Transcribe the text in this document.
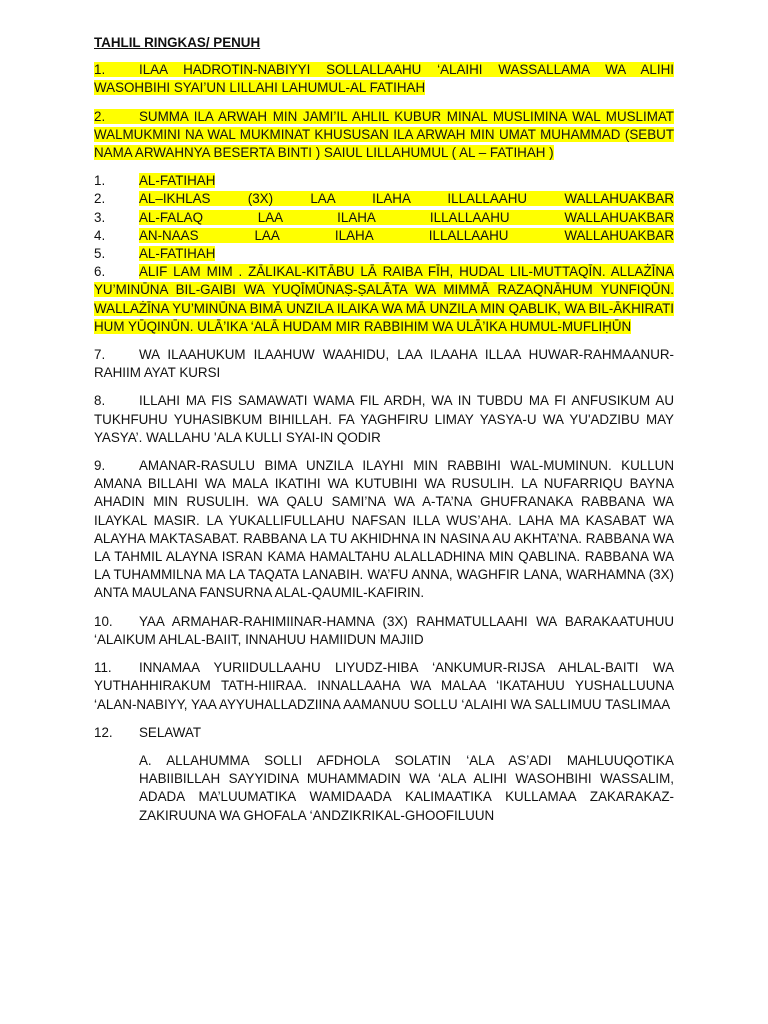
TAHLIL RINGKAS/ PENUH
1.	ILAA HADROTIN-NABIYYI SOLLALLAAHU ‘ALAIHI WASSALLAMA WA ALIHI WASOHBIHI SYAI’UN LILLAHI LAHUMUL-AL FATIHAH
2.	SUMMA ILA ARWAH MIN JAMI’IL AHLIL KUBUR MINAL MUSLIMINA WAL MUSLIMAT WALMUKMINI NA WAL MUKMINAT KHUSUSAN ILA ARWAH MIN UMAT MUHAMMAD (SEBUT NAMA ARWAHNYA BESERTA BINTI ) SAIUL LILLAHUMUL ( AL – FATIHAH )
1.	AL-FATIHAH
2.	AL–IKHLAS (3X) LAA ILAHA ILLALLAAHU WALLAHUAKBAR
3.	AL-FALAQ LAA ILAHA ILLALLAAHU WALLAHUAKBAR
4.	AN-NAAS LAA ILAHA ILLALLAAHU WALLAHUAKBAR
5.	AL-FATIHAH
6.	ALIF LAM MIM . ZĀLIKAL-KITĀBU LĀ RAIBA FĪH, HUDAL LIL-MUTTAQĪN. ALLAŻĪNA YU’MINŪNA BIL-GAIBI WA YUQĪMŪNAṢ-ṢALĀTA WA MIMMĀ RAZAQNĀHUM YUNFIQŪN. WALLAŻĪNA YU’MINŪNA BIMĀ UNZILA ILAIKA WA MĀ UNZILA MIN QABLIK, WA BIL-ĀKHIRATI HUM YŪQINŪN. ULĀ’IKA ‘ALĀ HUDAM MIR RABBIHIM WA ULĀ’IKA HUMUL-MUFLIḤŪN
7.	WA ILAAHUKUM ILAAHUW WAAHIDU, LAA ILAAHA ILLAA HUWAR-RAHMAANUR-RAHIIM AYAT KURSI
8.	ILLAHI MA FIS SAMAWATI WAMA FIL ARDH, WA IN TUBDU MA FI ANFUSIKUM AU TUKHFUHU YUHASIBKUM BIHILLAH. FA YAGHFIRU LIMAY YASYA-U WA YU'ADZIBU MAY YASYA’. WALLAHU 'ALA KULLI SYAI-IN QODIR
9.	AMANAR-RASULU BIMA UNZILA ILAYHI MIN RABBIHI WAL-MUMINUN. KULLUN AMANA BILLAHI WA MALA IKATIHI WA KUTUBIHI WA RUSULIH. LA NUFARRIQU BAYNA AHADIN MIN RUSULIH. WA QALU SAMI’NA WA A-TA’NA GHUFRANAKA RABBANA WA ILAYKAL MASIR. LA YUKALLIFULLAHU NAFSAN ILLA WUS’AHA. LAHA MA KASABAT WA ALAYHA MAKTASABAT. RABBANA LA TU AKHIDHNA IN NASINA AU AKHTA’NA. RABBANA WA LA TAHMIL ALAYNA ISRAN KAMA HAMALTAHU ALALLADHINA MIN QABLINA. RABBANA WA LA TUHAMMILNA MA LA TAQATA LANABIH. WA’FU ANNA, WAGHFIR LANA, WARHAMNA (3X) ANTA MAULANA FANSURNA ALAL-QAUMIL-KAFIRIN.
10. YAA ARMAHAR-RAHIMIINAR-HAMNA (3X) RAHMATULLAAHI WA BARAKAATUHUU ‘ALAIKUM AHLAL-BAIIT, INNAHUU HAMIIDUN MAJIID
11. INNAMAA YURIIDULLAAHU LIYUDZ-HIBA ‘ANKUMUR-RIJSA AHLAL-BAITI WA YUTHAHHIRAKUM TATH-HIIRAA. INNALLAAHA WA MALAA ‘IKATAHUU YUSHALLUUNA ‘ALAN-NABIYY, YAA AYYUHALLADZIINA AAMANUU SOLLU ‘ALAIHI WA SALLIMUU TASLIMAA
12. SELAWAT
A. ALLAHUMMA SOLLI AFDHOLA SOLATIN ‘ALA AS’ADI MAHLUUQOTIKA HABIIBILLAH SAYYIDINA MUHAMMADIN WA ‘ALA ALIHI WASOHBIHI WASSALIM, ADADA MA’LUUMATIKA WAMIDAADA KALIMAATIKA KULLAMAA ZAKARAKAZ-ZAKIRUUNA WA GHOFALA ‘ANDZIKRIKAL-GHOOFILUUN
